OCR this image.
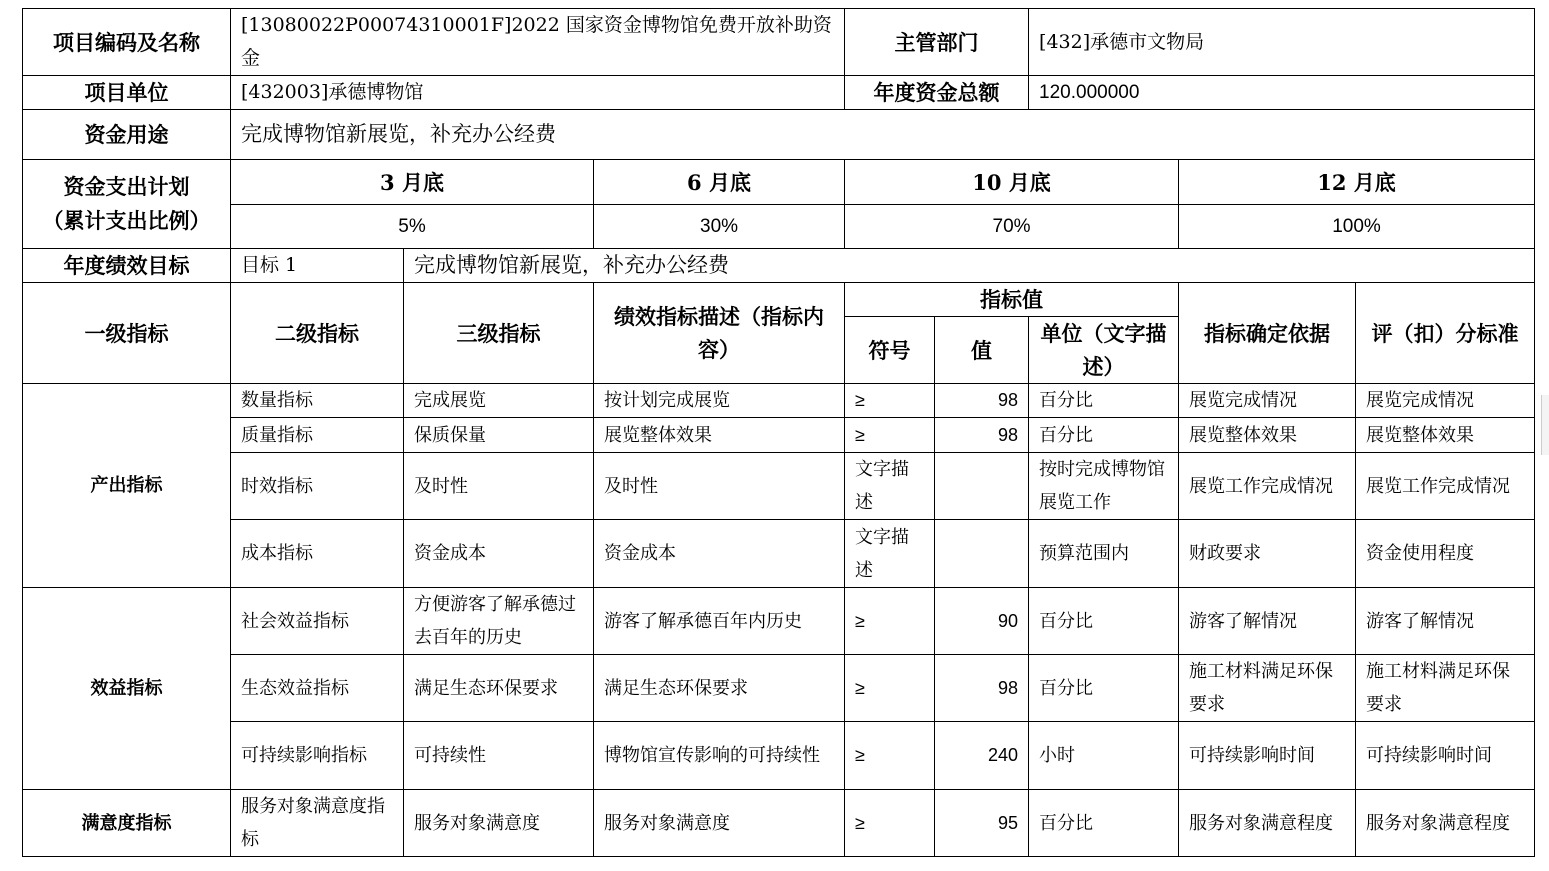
项目编码及名称	[13080022P00074310001F]2022 国家资金博物馆免费开放补助资金			主管部门		[432]承德市文物局		
项目单位	[432003]承德博物馆			年度资金总额		120.000000		
资金用途	完成博物馆新展览，补充办公经费							

资金支出计划
（累计支出比例）	3 月底		6 月底	10 月底			12 月底	
	5%		30%	70%			100%	
年度绩效目标	目标 1	完成博物馆新展览，补充办公经费						
一级指标	二级指标	三级指标	绩效指标描述（指标内容）	指标值			指标确定依据	评（扣）分标准
				符号	值	单位（文字描述）		
产出指标	数量指标	完成展览	按计划完成展览	≥	98	百分比	展览完成情况	展览完成情况
	质量指标	保质保量	展览整体效果	≥	98	百分比	展览整体效果	展览整体效果
	时效指标	及时性	及时性	文字描述		按时完成博物馆展览工作	展览工作完成情况	展览工作完成情况
	成本指标	资金成本	资金成本	文字描述		预算范围内	财政要求	资金使用程度
效益指标	社会效益指标	方便游客了解承德过去百年的历史	游客了解承德百年内历史	≥	90	百分比	游客了解情况	游客了解情况
	生态效益指标	满足生态环保要求	满足生态环保要求	≥	98	百分比	施工材料满足环保要求	施工材料满足环保要求
	可持续影响指标	可持续性	博物馆宣传影响的可持续性	≥	240	小时	可持续影响时间	可持续影响时间
满意度指标	服务对象满意度指标	服务对象满意度	服务对象满意度	≥	95	百分比	服务对象满意程度	服务对象满意程度
